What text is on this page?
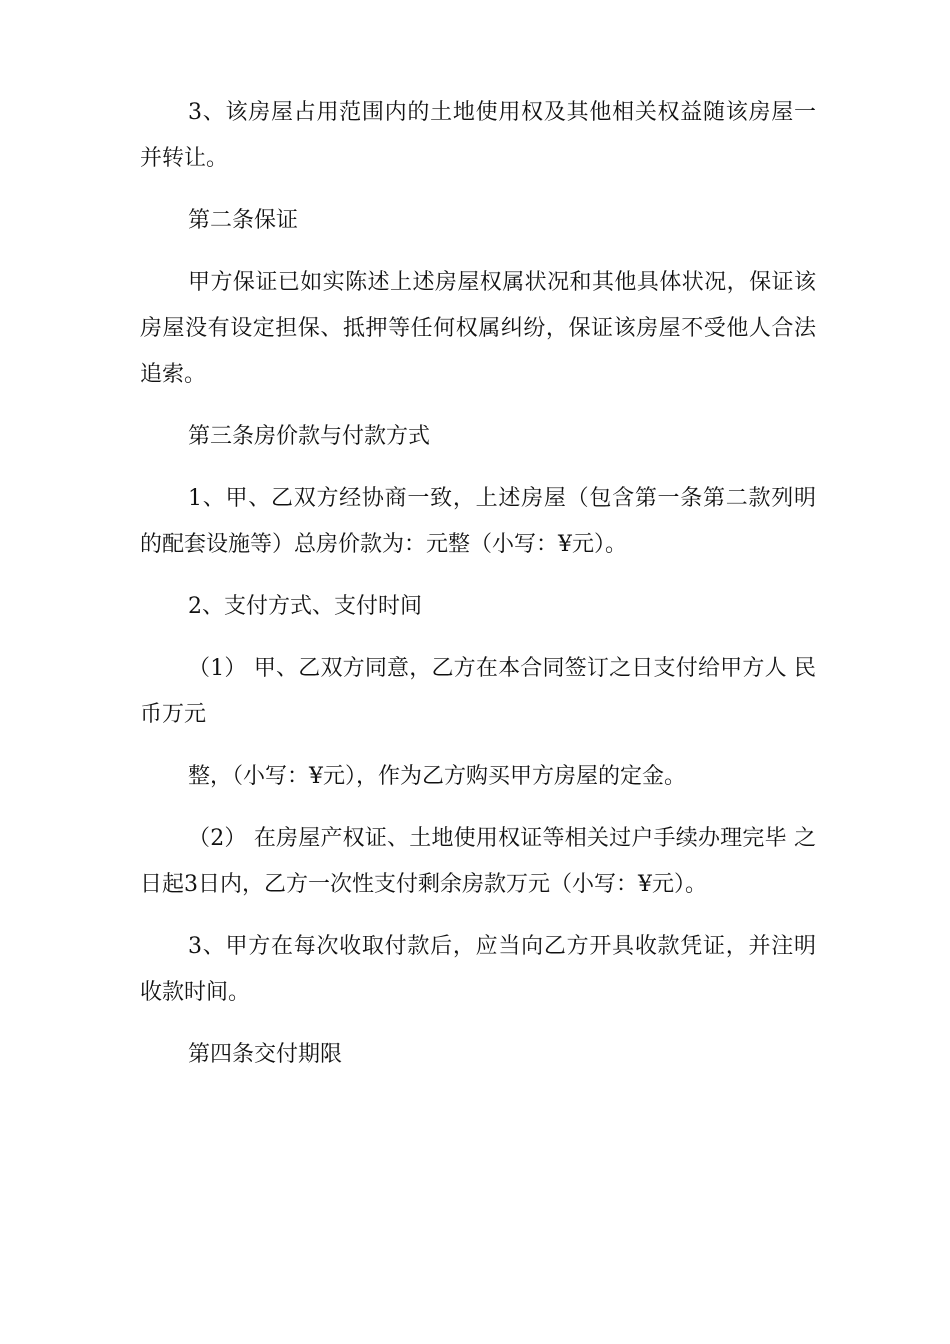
3、该房屋占用范围内的土地使用权及其他相关权益随该房屋一并转让。

第二条保证

甲方保证已如实陈述上述房屋权属状况和其他具体状况，保证该房屋没有设定担保、抵押等任何权属纠纷，保证该房屋不受他人合法追索。

第三条房价款与付款方式

1、甲、乙双方经协商一致，上述房屋（包含第一条第二款列明的配套设施等）总房价款为：元整（小写：¥元）。

2、支付方式、支付时间

（1） 甲、乙双方同意，乙方在本合同签订之日支付给甲方人 民币万元

整，（小写：¥元），作为乙方购买甲方房屋的定金。

（2） 在房屋产权证、土地使用权证等相关过户手续办理完毕 之日起3日内，乙方一次性支付剩余房款万元（小写：¥元）。

3、甲方在每次收取付款后，应当向乙方开具收款凭证，并注明收款时间。

第四条交付期限
